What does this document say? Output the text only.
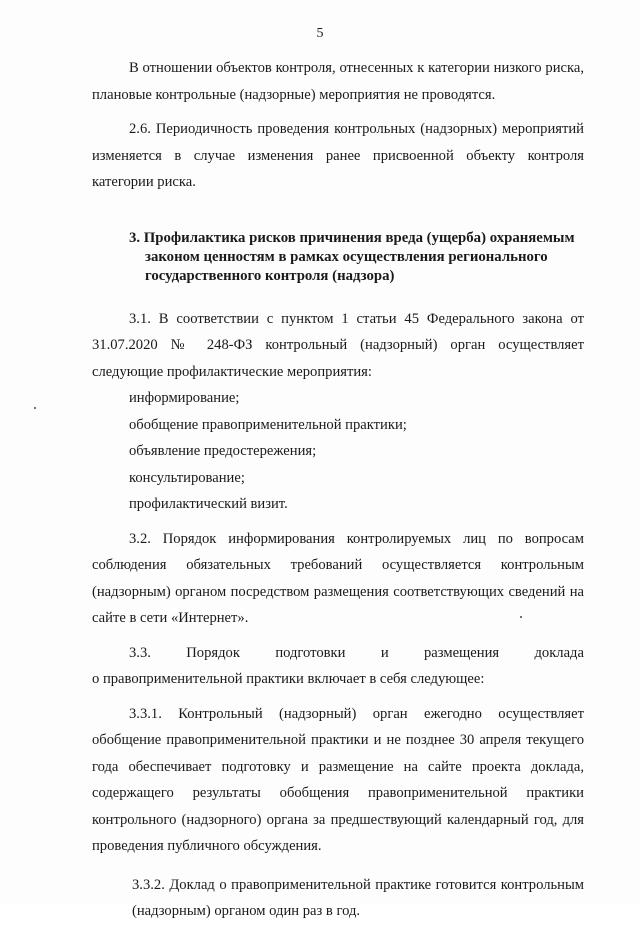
5

В отношении объектов контроля, отнесенных к категории низкого риска, плановые контрольные (надзорные) мероприятия не проводятся.

2.6. Периодичность проведения контрольных (надзорных) мероприятий изменяется в случае изменения ранее присвоенной объекту контроля категории риска.

3. Профилактика рисков причинения вреда (ущерба) охраняемым
законом ценностям в рамках осуществления регионального
государственного контроля (надзора)

3.1. В соответствии с пунктом 1 статьи 45 Федерального закона от 31.07.2020 № 248-ФЗ контрольный (надзорный) орган осуществляет следующие профилактические мероприятия:

информирование;
обобщение правоприменительной практики;
объявление предостережения;
консультирование;
профилактический визит.

3.2. Порядок информирования контролируемых лиц по вопросам соблюдения обязательных требований осуществляется контрольным (надзорным) органом посредством размещения соответствующих сведений на сайте в сети «Интернет».

3.3. Порядок подготовки и размещения доклада

о правоприменительной практики включает в себя следующее:

3.3.1. Контрольный (надзорный) орган ежегодно осуществляет обобщение правоприменительной практики и не позднее 30 апреля текущего года обеспечивает подготовку и размещение на сайте проекта доклада, содержащего результаты обобщения правоприменительной практики контрольного (надзорного) органа за предшествующий календарный год, для проведения публичного обсуждения.

3.3.2. Доклад о правоприменительной практике готовится контрольным (надзорным) органом один раз в год.
